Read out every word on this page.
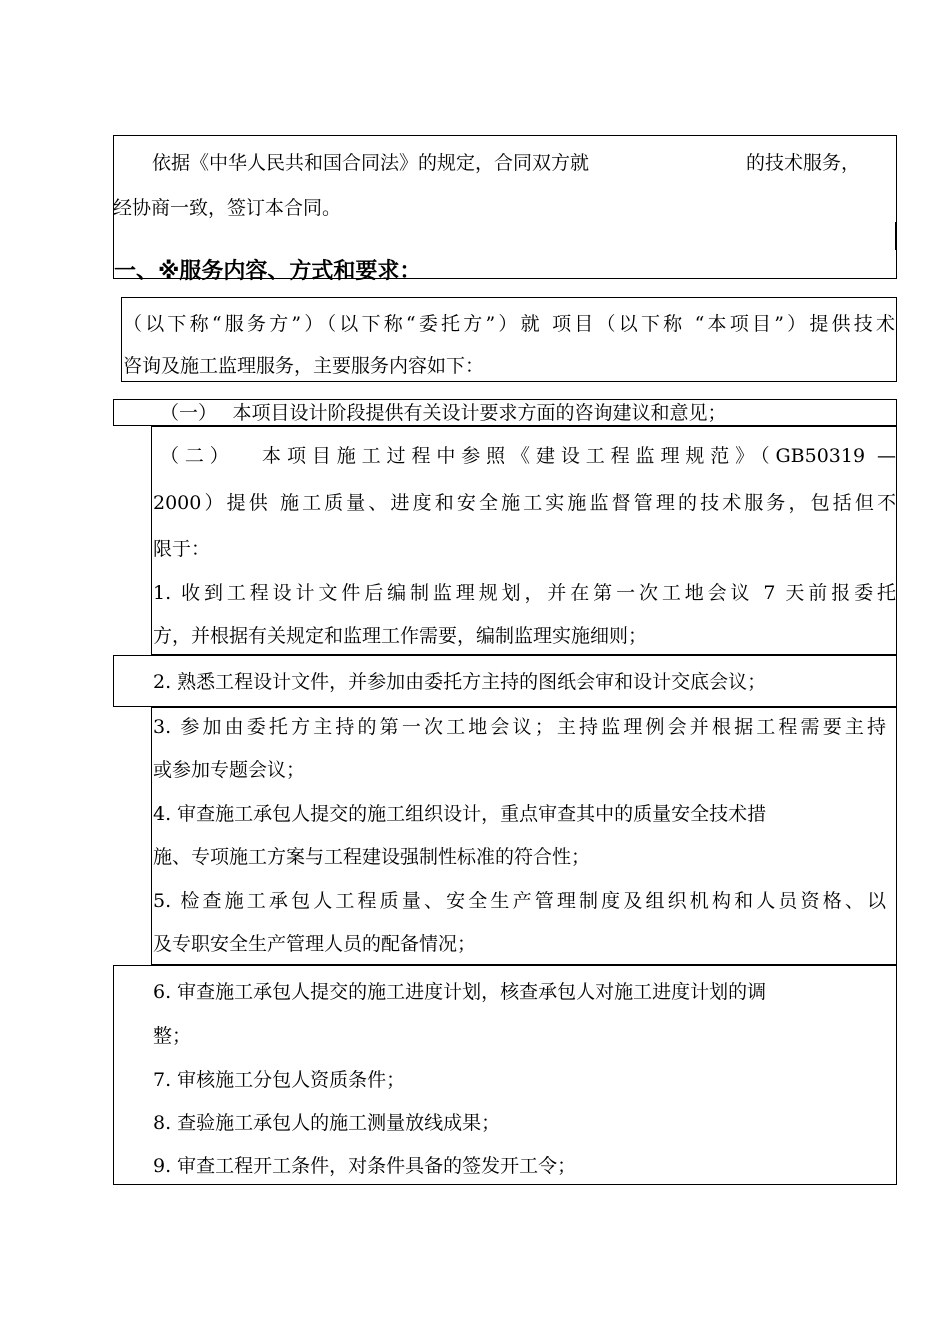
依据《中华人民共和国合同法》的规定，合同双方就	的技术服务，
经协商一致，签订本合同。
一、※服务内容、方式和要求：
（以下称“服务方”）（以下称“委托方”）就 项目（以下称 “本项目”）提供技术
咨询及施工监理服务，主要服务内容如下：
（一）　 本项目设计阶段提供有关设计要求方面的咨询建议和意见；
（二）　 本项目施工过程中参照《建设工程监理规范》（GB50319 —
2000）提供 施工质量、进度和安全施工实施监督管理的技术服务，包括但不
限于：
1. 收到工程设计文件后编制监理规划，并在第一次工地会议 7 天前报委托
方，并根据有关规定和监理工作需要，编制监理实施细则；
2. 熟悉工程设计文件，并参加由委托方主持的图纸会审和设计交底会议；
3. 参加由委托方主持的第一次工地会议；主持监理例会并根据工程需要主持
或参加专题会议；
4. 审查施工承包人提交的施工组织设计，重点审查其中的质量安全技术措
施、专项施工方案与工程建设强制性标准的符合性；
5. 检查施工承包人工程质量、安全生产管理制度及组织机构和人员资格、以
及专职安全生产管理人员的配备情况；
6. 审查施工承包人提交的施工进度计划，核查承包人对施工进度计划的调
整；
7. 审核施工分包人资质条件；
8. 查验施工承包人的施工测量放线成果；
9. 审查工程开工条件，对条件具备的签发开工令；
